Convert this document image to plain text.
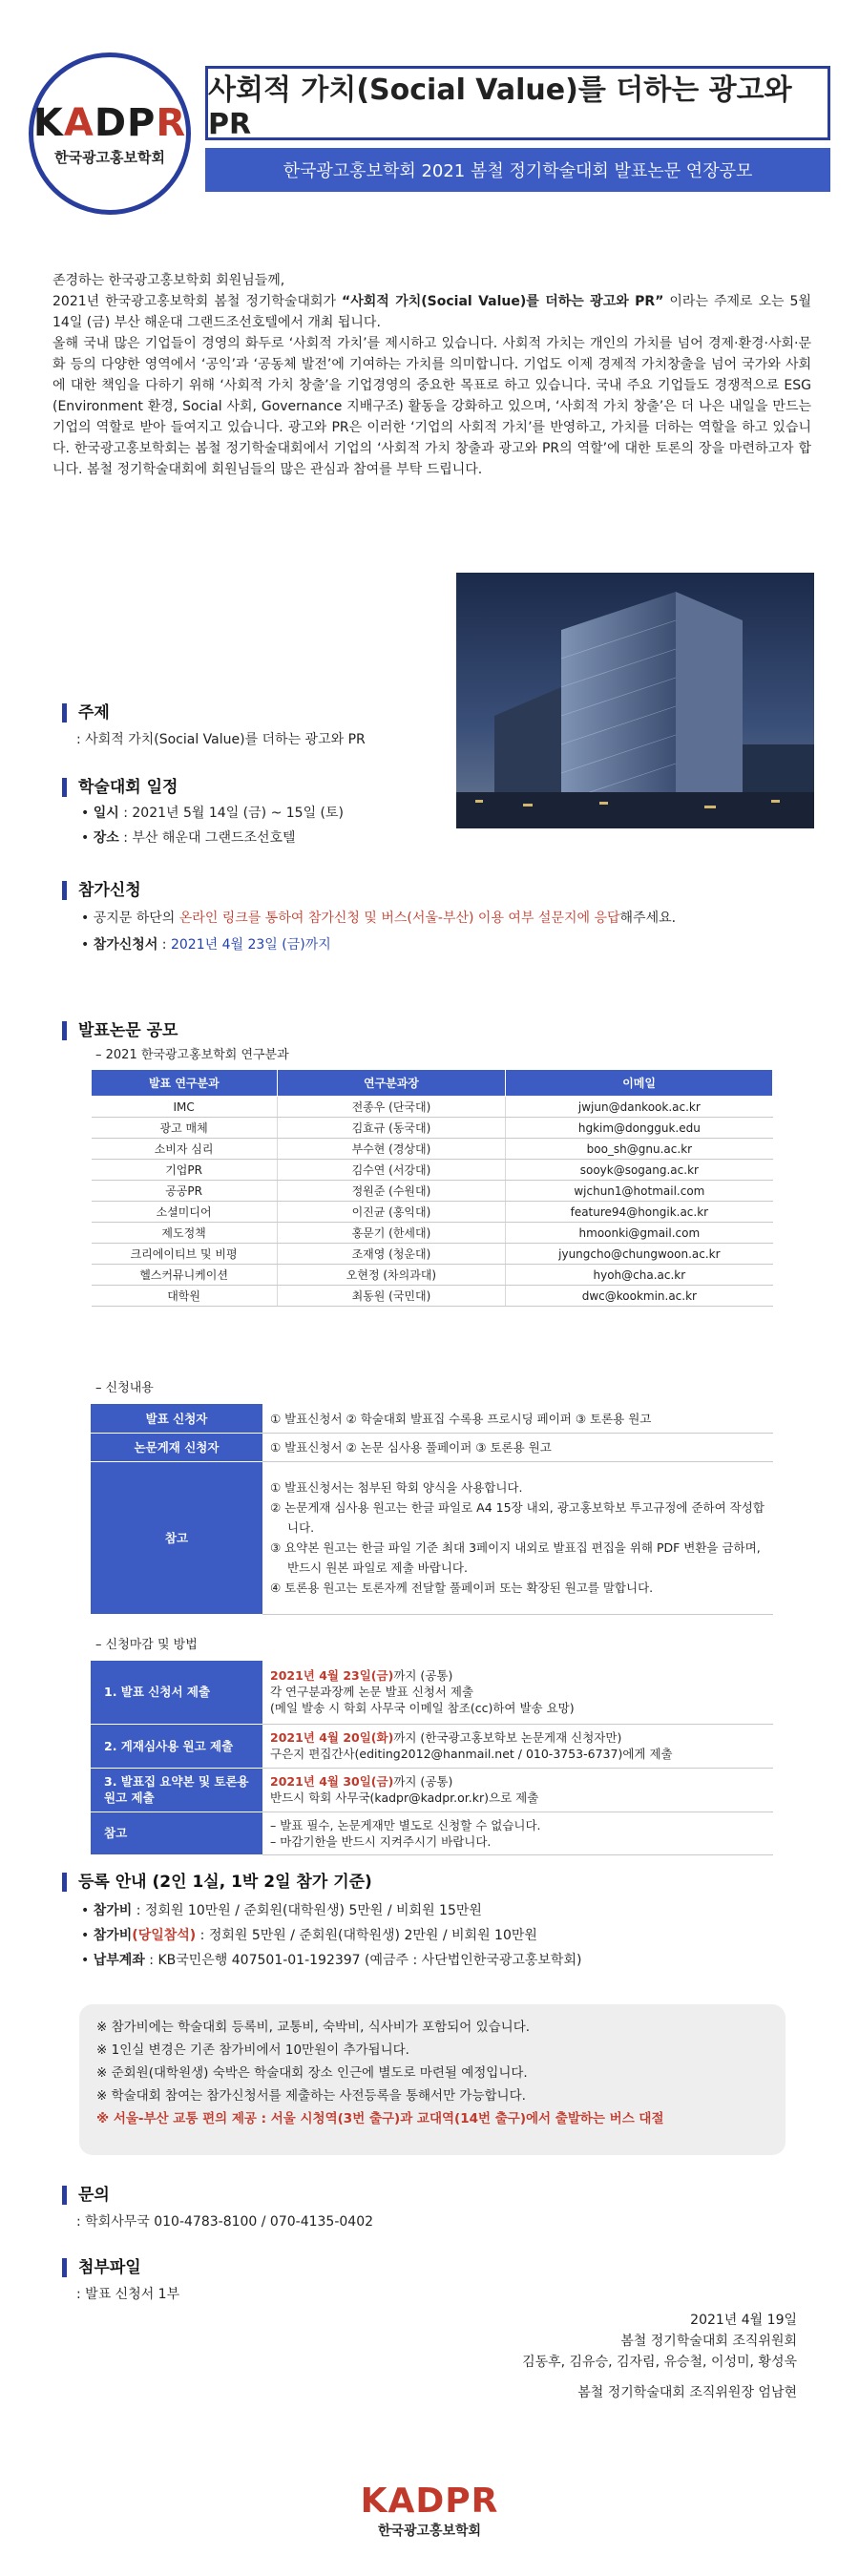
KADPR
한국광고홍보학회
사회적 가치(Social Value)를 더하는 광고와 PR
한국광고홍보학회 2021 봄철 정기학술대회 발표논문 연장공모

존경하는 한국광고홍보학회 회원님들께,

2021년 한국광고홍보학회 봄철 정기학술대회가 “사회적 가치(Social Value)를 더하는 광고와 PR” 이라는 주제로 오는 5월 14일 (금) 부산 해운대 그랜드조선호텔에서 개최 됩니다.

올해 국내 많은 기업들이 경영의 화두로 ‘사회적 가치’를 제시하고 있습니다. 사회적 가치는 개인의 가치를 넘어 경제·환경·사회·문화 등의 다양한 영역에서 ‘공익’과 ‘공동체 발전’에 기여하는 가치를 의미합니다. 기업도 이제 경제적 가치창출을 넘어 국가와 사회에 대한 책임을 다하기 위해 ‘사회적 가치 창출’을 기업경영의 중요한 목표로 하고 있습니다. 국내 주요 기업들도 경쟁적으로 ESG (Environment 환경, Social 사회, Governance 지배구조) 활동을 강화하고 있으며, ‘사회적 가치 창출’은 더 나은 내일을 만드는 기업의 역할로 받아 들여지고 있습니다. 광고와 PR은 이러한 ‘기업의 사회적 가치’를 반영하고, 가치를 더하는 역할을 하고 있습니다. 한국광고홍보학회는 봄철 정기학술대회에서 기업의 ‘사회적 가치 창출과 광고와 PR의 역할’에 대한 토론의 장을 마련하고자 합니다. 봄철 정기학술대회에 회원님들의 많은 관심과 참여를 부탁 드립니다.

주제
: 사회적 가치(Social Value)를 더하는 광고와 PR
학술대회 일정
• 일시 : 2021년 5월 14일 (금) ~ 15일 (토)
• 장소 : 부산 해운대 그랜드조선호텔
참가신청
• 공지문 하단의 온라인 링크를 통하여 참가신청 및 버스(서울-부산) 이용 여부 설문지에 응답해주세요.
• 참가신청서 : 2021년 4월 23일 (금)까지
발표논문 공모
– 2021 한국광고홍보학회 연구분과
발표 연구분과	연구분과장	이메일
IMC	전종우 (단국대)	jwjun@dankook.ac.kr
광고 매체	김효규 (동국대)	hgkim@dongguk.edu
소비자 심리	부수현 (경상대)	boo_sh@gnu.ac.kr
기업PR	김수연 (서강대)	sooyk@sogang.ac.kr
공공PR	정원준 (수원대)	wjchun1@hotmail.com
소셜미디어	이진균 (홍익대)	feature94@hongik.ac.kr
제도정책	홍문기 (한세대)	hmoonki@gmail.com
크리에이티브 및 비평	조재영 (청운대)	jyungcho@chungwoon.ac.kr
헬스커뮤니케이션	오현정 (차의과대)	hyoh@cha.ac.kr
대학원	최동원 (국민대)	dwc@kookmin.ac.kr
– 신청내용
발표 신청자	① 발표신청서 ② 학술대회 발표집 수록용 프로시딩 페이퍼 ③ 토론용 원고
논문게재 신청자	① 발표신청서 ② 논문 심사용 풀페이퍼 ③ 토론용 원고
참고	① 발표신청서는 첨부된 학회 양식을 사용합니다.
② 논문게재 심사용 원고는 한글 파일로 A4 15장 내외, 광고홍보학보 투고규정에 준하여 작성합니다.
③ 요약본 원고는 한글 파일 기준 최대 3페이지 내외로 발표집 편집을 위해 PDF 변환을 금하며, 반드시 원본 파일로 제출 바랍니다.
④ 토론용 원고는 토론자께 전달할 풀페이퍼 또는 확장된 원고를 말합니다.
– 신청마감 및 방법
1. 발표 신청서 제출	2021년 4월 23일(금)까지 (공통)
각 연구분과장께 논문 발표 신청서 제출
(메일 발송 시 학회 사무국 이메일 참조(cc)하여 발송 요망)

2. 게재심사용 원고 제출	2021년 4월 20일(화)까지 (한국광고홍보학보 논문게재 신청자만)
구은지 편집간사(editing2012@hanmail.net / 010-3753-6737)에게 제출

3. 발표집 요약본 및 토론용 원고 제출	2021년 4월 30일(금)까지 (공통)
반드시 학회 사무국(kadpr@kadpr.or.kr)으로 제출

참고	– 발표 필수, 논문게재만 별도로 신청할 수 없습니다.
– 마감기한을 반드시 지켜주시기 바랍니다.
등록 안내 (2인 1실, 1박 2일 참가 기준)
• 참가비 : 정회원 10만원 / 준회원(대학원생) 5만원 / 비회원 15만원
• 참가비(당일참석) : 정회원 5만원 / 준회원(대학원생) 2만원 / 비회원 10만원
• 납부계좌 : KB국민은행 407501-01-192397 (예금주 : 사단법인한국광고홍보학회)
※ 참가비에는 학술대회 등록비, 교통비, 숙박비, 식사비가 포함되어 있습니다.
※ 1인실 변경은 기존 참가비에서 10만원이 추가됩니다.
※ 준회원(대학원생) 숙박은 학술대회 장소 인근에 별도로 마련될 예정입니다.
※ 학술대회 참여는 참가신청서를 제출하는 사전등록을 통해서만 가능합니다.
※ 서울-부산 교통 편의 제공 : 서울 시청역(3번 출구)과 교대역(14번 출구)에서 출발하는 버스 대절
문의
: 학회사무국 010-4783-8100 / 070-4135-0402
첨부파일
: 발표 신청서 1부
2021년 4월 19일
봄철 정기학술대회 조직위원회
김동후, 김유승, 김자림, 유승철, 이성미, 황성욱
봄철 정기학술대회 조직위원장 엄남현
KADPR
한국광고홍보학회
